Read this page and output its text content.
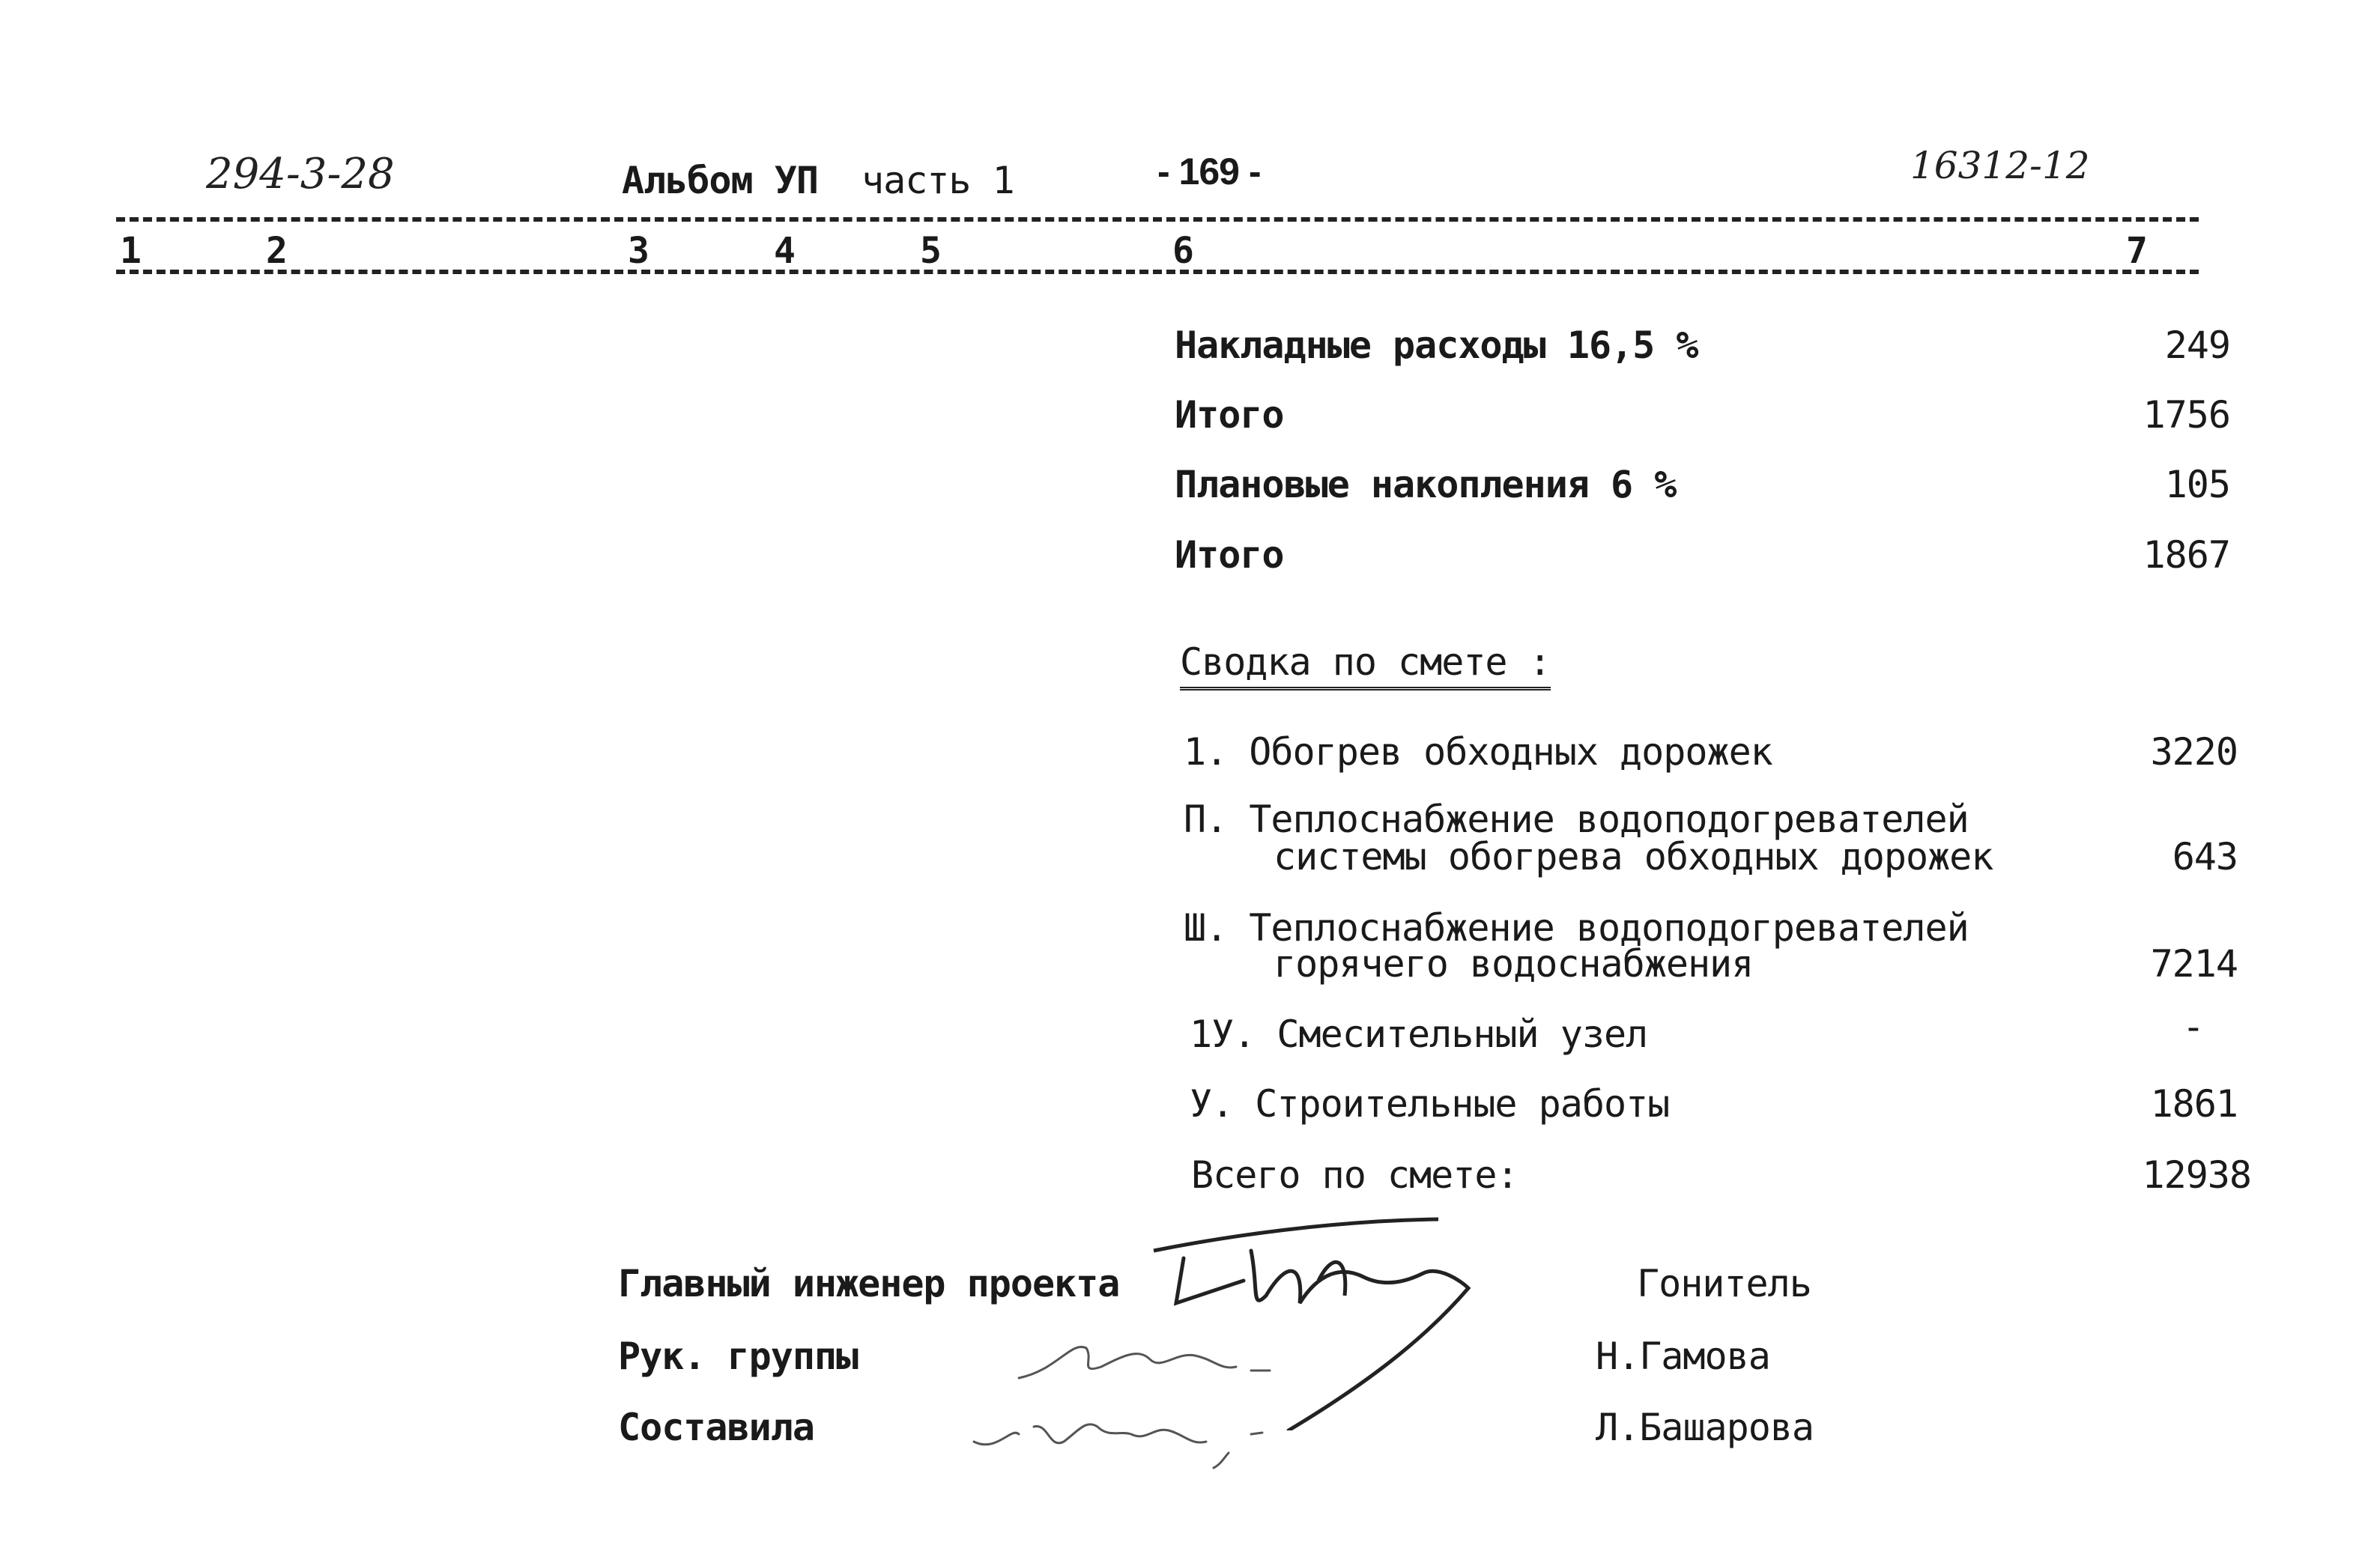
294-3-28	Альбом УП часть 1	- 169 -	16312-12
1	2	3	4	5	6	7
Накладные расходы 16,5 %	249
Итого	1756
Плановые накопления 6 %	105
Итого	1867
Сводка по смете :
1. Обогрев обходных дорожек	3220
П. Теплоснабжение водоподогревателей
системы обогрева обходных дорожек	643
Ш. Теплоснабжение водоподогревателей
горячего водоснабжения	7214
1У. Смесительный узел	-
У. Строительные работы	1861
Всего по смете:	12938
Главный инженер проекта	Гонитель
Рук. группы	Н.Гамова
Составила	Л.Башарова
